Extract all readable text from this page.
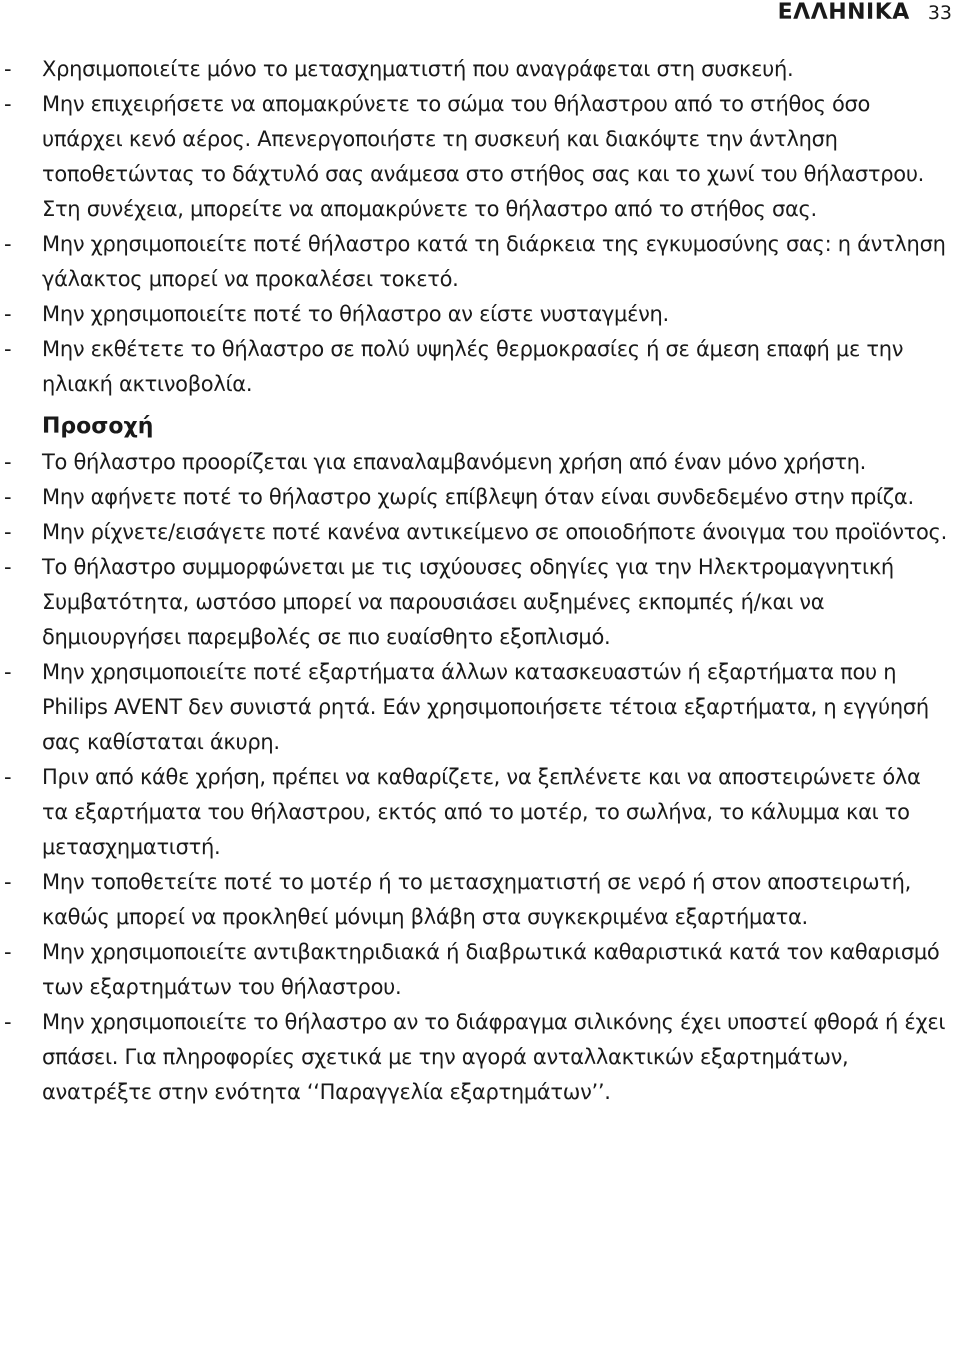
ΕΛΛΗΝΙΚΑ 33
-	Χρησιμοποιείτε μόνο το μετασχηματιστή που αναγράφεται στη συσκευή.
-	Μην επιχειρήσετε να απομακρύνετε το σώμα του θήλαστρου από το στήθος όσο υπάρχει κενό αέρος. Απενεργοποιήστε τη συσκευή και διακόψτε την άντληση τοποθετώντας το δάχτυλό σας ανάμεσα στο στήθος σας και το χωνί του θήλαστρου. Στη συνέχεια, μπορείτε να απομακρύνετε το θήλαστρο από το στήθος σας.
-	Μην χρησιμοποιείτε ποτέ θήλαστρο κατά τη διάρκεια της εγκυμοσύνης σας: η άντληση γάλακτος μπορεί να προκαλέσει τοκετό.
-	Μην χρησιμοποιείτε ποτέ το θήλαστρο αν είστε νυσταγμένη.
-	Μην εκθέτετε το θήλαστρο σε πολύ υψηλές θερμοκρασίες ή σε άμεση επαφή με την ηλιακή ακτινοβολία.
Προσοχή
-	Το θήλαστρο προορίζεται για επαναλαμβανόμενη χρήση από έναν μόνο χρήστη.
-	Μην αφήνετε ποτέ το θήλαστρο χωρίς επίβλεψη όταν είναι συνδεδεμένο στην πρίζα.
-	Μην ρίχνετε/εισάγετε ποτέ κανένα αντικείμενο σε οποιοδήποτε άνοιγμα του προϊόντος.
-	Το θήλαστρο συμμορφώνεται με τις ισχύουσες οδηγίες για την Ηλεκτρομαγνητική Συμβατότητα, ωστόσο μπορεί να παρουσιάσει αυξημένες εκπομπές ή/και να δημιουργήσει παρεμβολές σε πιο ευαίσθητο εξοπλισμό.
-	Μην χρησιμοποιείτε ποτέ εξαρτήματα άλλων κατασκευαστών ή εξαρτήματα που η Philips AVENT δεν συνιστά ρητά. Εάν χρησιμοποιήσετε τέτοια εξαρτήματα, η εγγύησή σας καθίσταται άκυρη.
-	Πριν από κάθε χρήση, πρέπει να καθαρίζετε, να ξεπλένετε και να αποστειρώνετε όλα τα εξαρτήματα του θήλαστρου, εκτός από το μοτέρ, το σωλήνα, το κάλυμμα και το μετασχηματιστή.
-	Μην τοποθετείτε ποτέ το μοτέρ ή το μετασχηματιστή σε νερό ή στον αποστειρωτή, καθώς μπορεί να προκληθεί μόνιμη βλάβη στα συγκεκριμένα εξαρτήματα.
-	Μην χρησιμοποιείτε αντιβακτηριδιακά ή διαβρωτικά καθαριστικά κατά τον καθαρισμό των εξαρτημάτων του θήλαστρου.
-	Μην χρησιμοποιείτε το θήλαστρο αν το διάφραγμα σιλικόνης έχει υποστεί φθορά ή έχει σπάσει. Για πληροφορίες σχετικά με την αγορά ανταλλακτικών εξαρτημάτων, ανατρέξτε στην ενότητα ‘‘Παραγγελία εξαρτημάτων’’.
